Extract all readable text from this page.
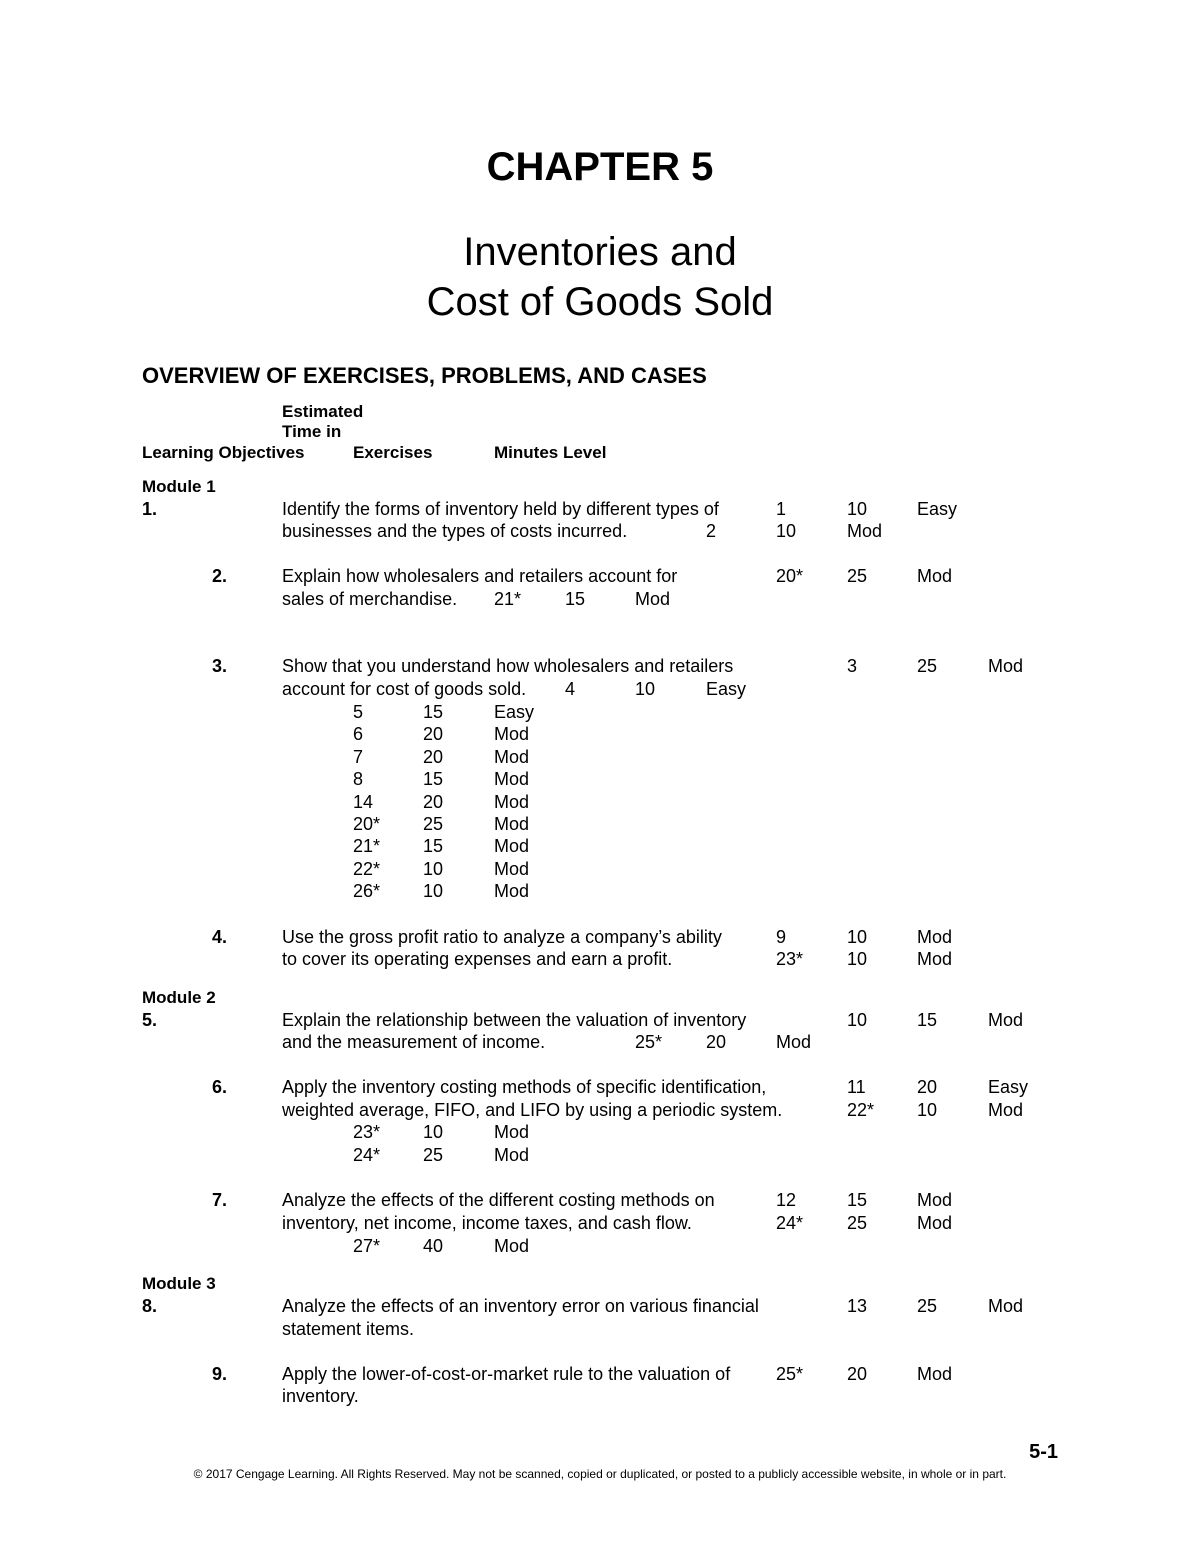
CHAPTER 5
Inventories and
Cost of Goods Sold
OVERVIEW OF EXERCISES, PROBLEMS, AND CASES
Estimated
Time in
Learning Objectives	Exercises	Minutes Level
Module 1
1.	Identify the forms of inventory held by different types of	1	10	Easy
businesses and the types of costs incurred.	2	10	Mod
2.	Explain how wholesalers and retailers account for	20* 25	Mod
sales of merchandise. 21* 15	Mod
3.	Show that you understand how wholesalers and retailers	3	25	Mod
account for cost of goods sold. 4	10	Easy
5	15	Easy
6	20	Mod
7	20	Mod
8	15	Mod
14	20	Mod
20* 25	Mod
21* 15	Mod
22* 10	Mod
26* 10	Mod
4.	Use the gross profit ratio to analyze a company’s ability	9	10	Mod
to cover its operating expenses and earn a profit.	23* 10	Mod
Module 2
5.	Explain the relationship between the valuation of inventory	10	15	Mod
and the measurement of income.	25* 20	Mod
6.	Apply the inventory costing methods of specific identification,	11	20	Easy
weighted average, FIFO, and LIFO by using a periodic system.	22* 10	Mod
23* 10	Mod
24* 25	Mod
7.	Analyze the effects of the different costing methods on	12	15	Mod
inventory, net income, income taxes, and cash flow.	24* 25	Mod
27* 40	Mod
Module 3
8.	Analyze the effects of an inventory error on various financial	13	25	Mod
statement items.
9.	Apply the lower-of-cost-or-market rule to the valuation of	25* 20	Mod
inventory.
5-1
© 2017 Cengage Learning. All Rights Reserved. May not be scanned, copied or duplicated, or posted to a publicly accessible website, in whole or in part.
